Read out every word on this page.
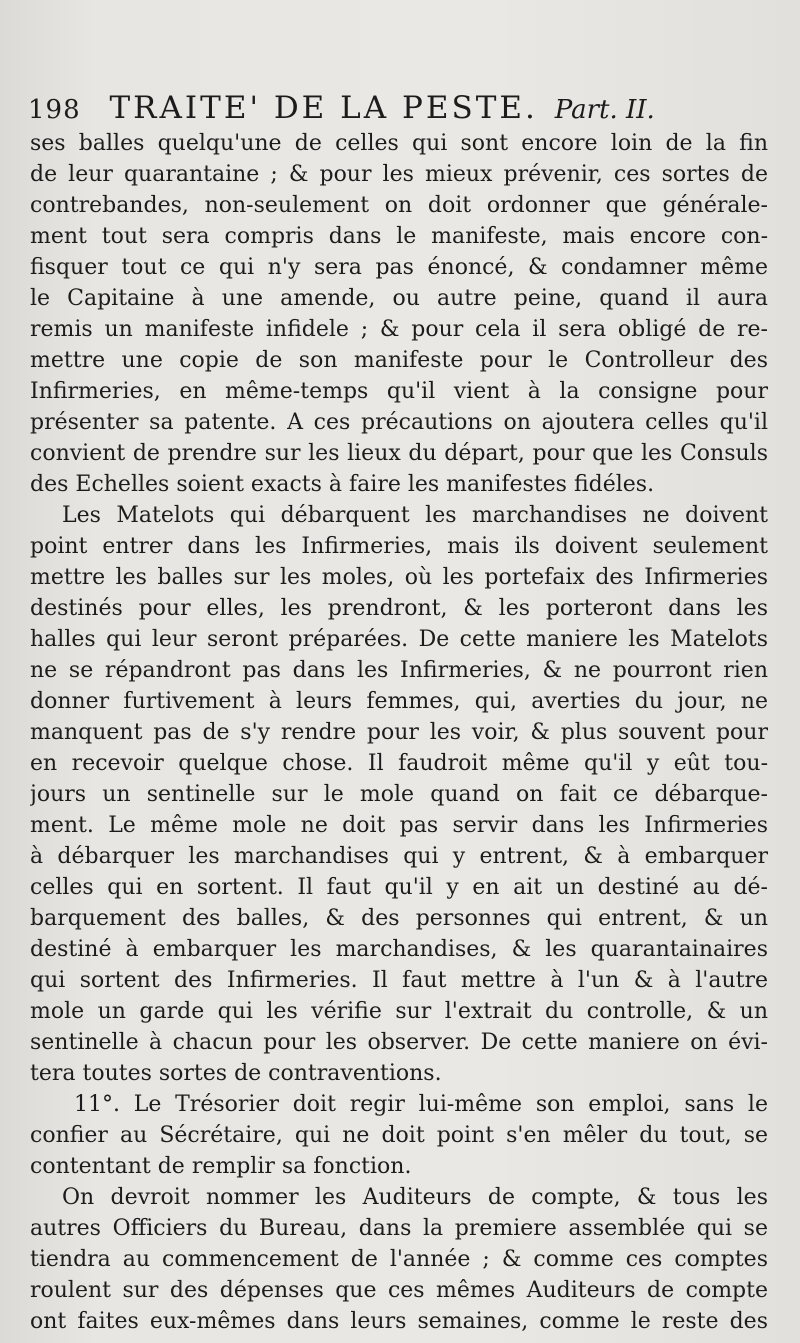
198 TRAITE' DE LA PESTE. Part. II.
ses balles quelqu'une de celles qui sont encore loin de la fin
de leur quarantaine ; & pour les mieux prévenir, ces sortes de
contrebandes, non-seulement on doit ordonner que générale-
ment tout sera compris dans le manifeste, mais encore con-
fisquer tout ce qui n'y sera pas énoncé, & condamner même
le Capitaine à une amende, ou autre peine, quand il aura
remis un manifeste infidele ; & pour cela il sera obligé de re-
mettre une copie de son manifeste pour le Controlleur des
Infirmeries, en même-temps qu'il vient à la consigne pour
présenter sa patente. A ces précautions on ajoutera celles qu'il
convient de prendre sur les lieux du départ, pour que les Consuls
des Echelles soient exacts à faire les manifestes fidéles.
Les Matelots qui débarquent les marchandises ne doivent
point entrer dans les Infirmeries, mais ils doivent seulement
mettre les balles sur les moles, où les portefaix des Infirmeries
destinés pour elles, les prendront, & les porteront dans les
halles qui leur seront préparées. De cette maniere les Matelots
ne se répandront pas dans les Infirmeries, & ne pourront rien
donner furtivement à leurs femmes, qui, averties du jour, ne
manquent pas de s'y rendre pour les voir, & plus souvent pour
en recevoir quelque chose. Il faudroit même qu'il y eût tou-
jours un sentinelle sur le mole quand on fait ce débarque-
ment. Le même mole ne doit pas servir dans les Infirmeries
à débarquer les marchandises qui y entrent, & à embarquer
celles qui en sortent. Il faut qu'il y en ait un destiné au dé-
barquement des balles, & des personnes qui entrent, & un
destiné à embarquer les marchandises, & les quarantainaires
qui sortent des Infirmeries. Il faut mettre à l'un & à l'autre
mole un garde qui les vérifie sur l'extrait du controlle, & un
sentinelle à chacun pour les observer. De cette maniere on évi-
tera toutes sortes de contraventions.
11°. Le Trésorier doit regir lui-même son emploi, sans le
confier au Sécrétaire, qui ne doit point s'en mêler du tout, se
contentant de remplir sa fonction.
On devroit nommer les Auditeurs de compte, & tous les
autres Officiers du Bureau, dans la premiere assemblée qui se
tiendra au commencement de l'année ; & comme ces comptes
roulent sur des dépenses que ces mêmes Auditeurs de compte
ont faites eux-mêmes dans leurs semaines, comme le reste des
